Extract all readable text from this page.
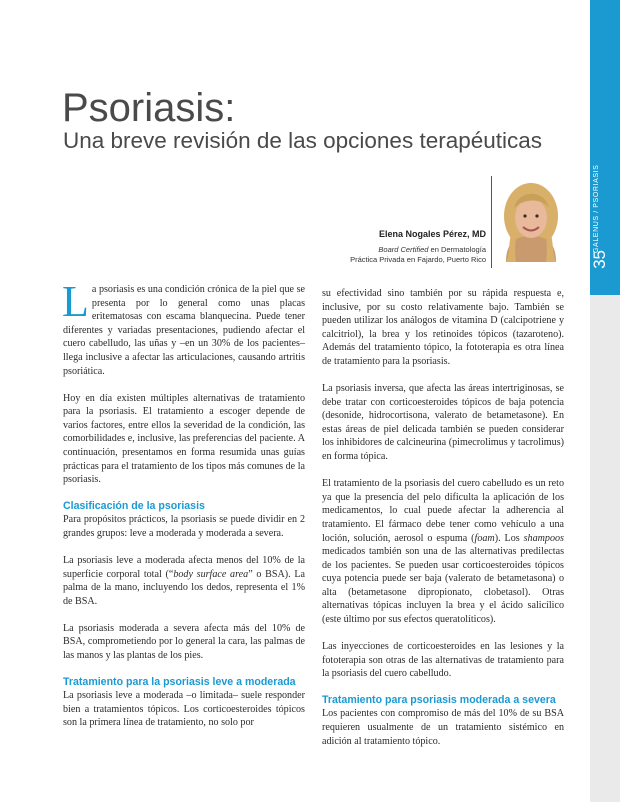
GALENUS / PSORIASIS
35
Psoriasis:
Una breve revisión de las opciones terapéuticas
Elena Nogales Pérez, MD
Board Certified en Dermatología
Práctica Privada en Fajardo, Puerto Rico

La psoriasis es una condición crónica de la piel que se presenta por lo general como unas placas eritematosas con escama blanquecina. Puede tener diferentes y variadas presentaciones, pudiendo afectar el cuero cabelludo, las uñas y –en un 30% de los pacientes– llega inclusive a afectar las articulaciones, causando artritis psoriática.

Hoy en día existen múltiples alternativas de tratamiento para la psoriasis. El tratamiento a escoger depende de varios factores, entre ellos la severidad de la condición, las comorbilidades e, inclusive, las preferencias del paciente. A continuación, presentamos en forma resumida unas guías prácticas para el tratamiento de los tipos más comunes de la psoriasis.

Clasificación de la psoriasis

Para propósitos prácticos, la psoriasis se puede dividir en 2 grandes grupos: leve a moderada y moderada a severa.

La psoriasis leve a moderada afecta menos del 10% de la superficie corporal total (“body surface area” o BSA). La palma de la mano, incluyendo los dedos, representa el 1% de BSA.

La psoriasis moderada a severa afecta más del 10% de BSA, comprometiendo por lo general la cara, las palmas de las manos y las plantas de los pies.

Tratamiento para la psoriasis leve a moderada

La psoriasis leve a moderada –o limitada– suele responder bien a tratamientos tópicos. Los corticoesteroides tópicos son la primera línea de tratamiento, no solo por

su efectividad sino también por su rápida respuesta e, inclusive, por su costo relativamente bajo. También se pueden utilizar los análogos de vitamina D (calcipotriene y calcitriol), la brea y los retinoides tópicos (tazaroteno). Además del tratamiento tópico, la fototerapia es otra línea de tratamiento para la psoriasis.

La psoriasis inversa, que afecta las áreas intertriginosas, se debe tratar con corticoesteroides tópicos de baja potencia (desonide, hidrocortisona, valerato de betametasone). En estas áreas de piel delicada también se pueden considerar los inhibidores de calcineurina (pimecrolimus y tacrolimus) en forma tópica.

El tratamiento de la psoriasis del cuero cabelludo es un reto ya que la presencia del pelo dificulta la aplicación de los medicamentos, lo cual puede afectar la adherencia al tratamiento. El fármaco debe tener como vehículo a una loción, solución, aerosol o espuma (foam). Los shampoos medicados también son una de las alternativas predilectas de los pacientes. Se pueden usar corticoesteroides tópicos cuya potencia puede ser baja (valerato de betametasona) o alta (betametasone dipropionato, clobetasol). Otras alternativas tópicas incluyen la brea y el ácido salicílico (este último por sus efectos queratolíticos).

Las inyecciones de corticoesteroides en las lesiones y la fototerapia son otras de las alternativas de tratamiento para la psoriasis del cuero cabelludo.

Tratamiento para psoriasis moderada a severa

Los pacientes con compromiso de más del 10% de su BSA requieren usualmente de un tratamiento sistémico en adición al tratamiento tópico.
